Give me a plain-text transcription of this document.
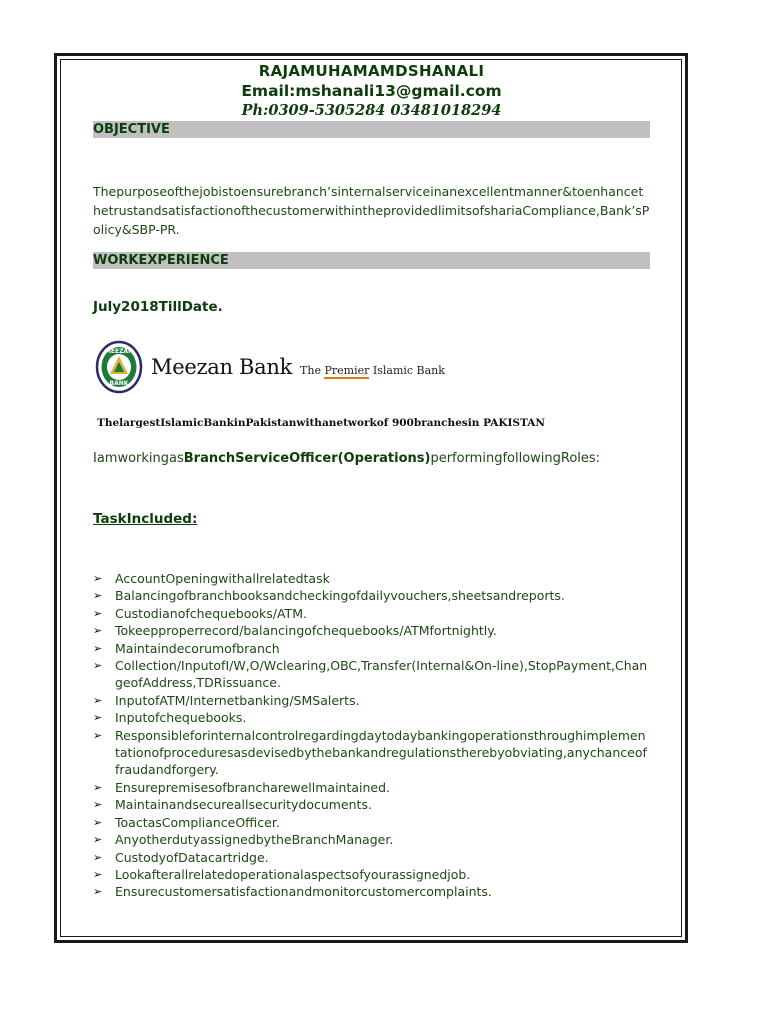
RAJAMUHAMAMDSHANALI
Email:mshanali13@gmail.com
Ph:0309-5305284 03481018294
OBJECTIVE
Thepurposeofthejobistoensurebranch’sinternalserviceinanexcellentmanner&toenhancethetrustandsatisfactionofthecustomerwithintheprovidedlimitsofshariaCompliance,Bank’sPolicy&SBP-PR.
WORKEXPERIENCE
July2018TillDate.
MEEZAN
BANK
Meezan Bank The Premier Islamic Bank
ThelargestIslamicBankinPakistanwithanetworkof 900branchesin PAKISTAN
IamworkingasBranchServiceOfficer(Operations)performingfollowingRoles:
TaskIncluded:
➢ AccountOpeningwithallrelatedtask
➢ Balancingofbranchbooksandcheckingofdailyvouchers,sheetsandreports.
➢ Custodianofchequebooks/ATM.
➢ Tokeepproperrecord/balancingofchequebooks/ATMfortnightly.
➢ Maintaindecorumofbranch
➢ Collection/InputofI/W,O/Wclearing,OBC,Transfer(Internal&On-line),StopPayment,ChangeofAddress,TDRissuance.
➢ InputofATM/Internetbanking/SMSalerts.
➢ Inputofchequebooks.
➢ Responsibleforinternalcontrolregardingdaytodaybankingoperationsthroughimplementationofproceduresasdevisedbythebankandregulationstherebyobviating,anychanceoffraudandforgery.
➢ Ensurepremisesofbrancharewellmaintained.
➢ Maintainandsecureallsecuritydocuments.
➢ ToactasComplianceOfficer.
➢ AnyotherdutyassignedbytheBranchManager.
➢ CustodyofDatacartridge.
➢ Lookafterallrelatedoperationalaspectsofyourassignedjob.
➢ Ensurecustomersatisfactionandmonitorcustomercomplaints.
